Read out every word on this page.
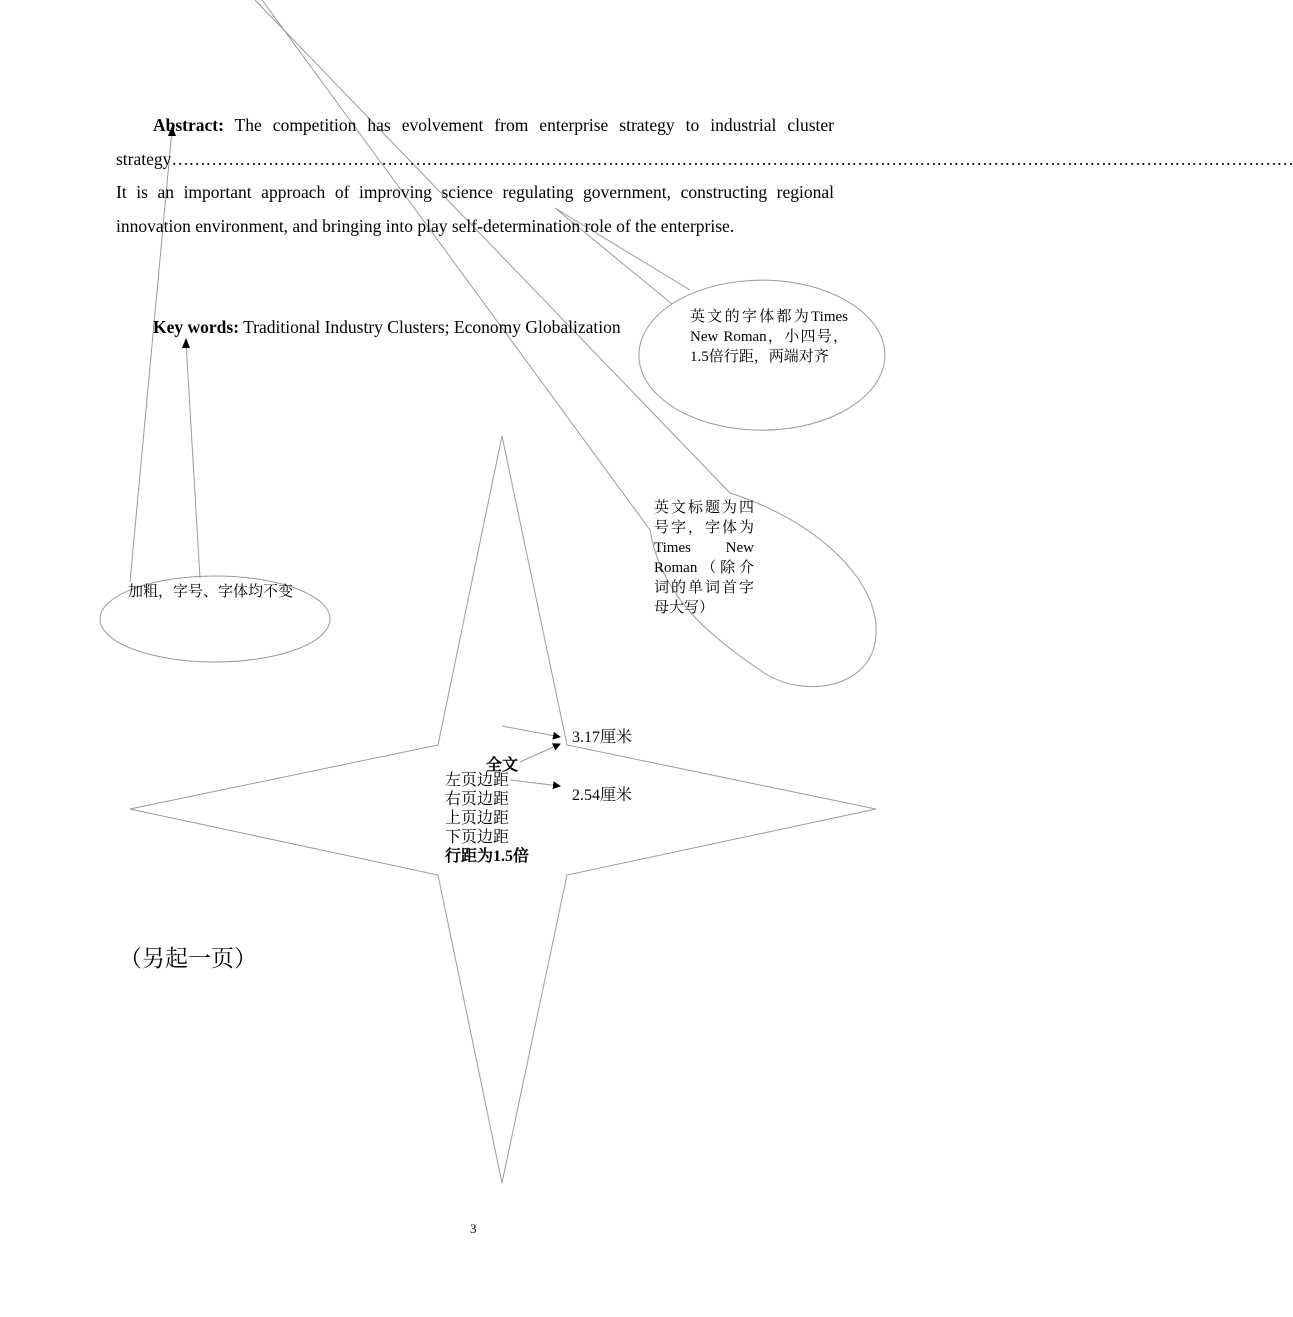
Abstract: The competition has evolvement from enterprise strategy to industrial cluster strategy………………………………………………………………………………………………………………………………………………………………………………It is an important approach of improving science regulating government, constructing regional innovation environment, and bringing into play self-determination role of the enterprise.

Key words: Traditional Industry Clusters; Economy Globalization	英文的字体都为Times New Roman，小四号，1.5倍行距，两端对齐
英文标题为四号字，字体为 Times New Roman（除介词的单词首字母大写）
加粗，字号、字体均不变
全文
左页边距
右页边距
上页边距
下页边距
行距为1.5倍
3.17厘米
2.54厘米
（另起一页）
3
